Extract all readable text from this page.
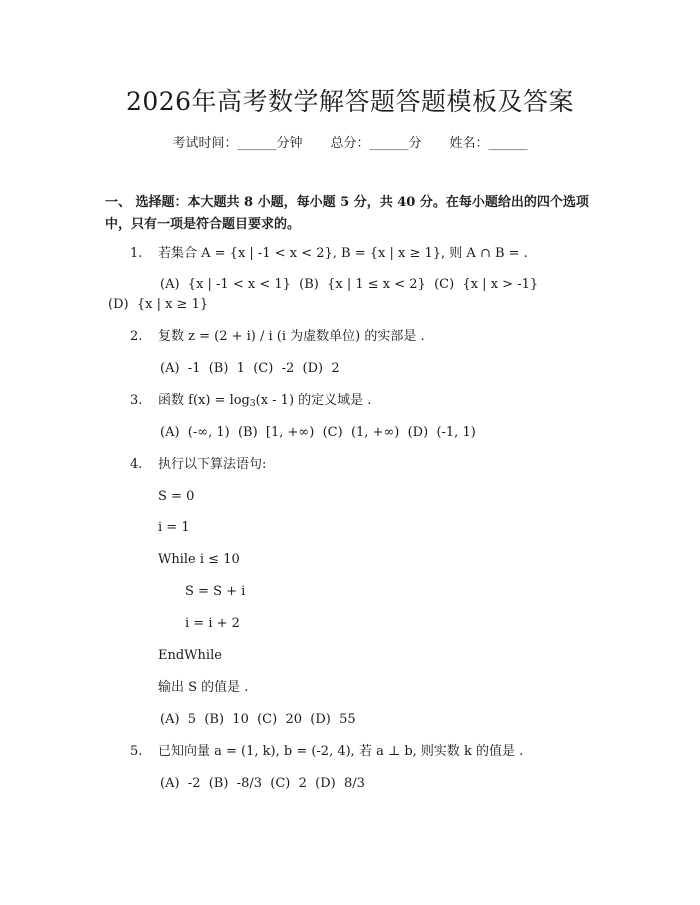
2026年高考数学解答题答题模板及答案
考试时间：______分钟 总分：______分 姓名：______
一、 选择题：本大题共 8 小题，每小题 5 分，共 40 分。在每小题给出的四个选项中，只有一项是符合题目要求的。
1. 若集合 A = {x | -1 < x < 2}, B = {x | x ≥ 1}, 则 A ∩ B = .
(A)  {x | -1 < x < 1}  (B)  {x | 1 ≤ x < 2}  (C)  {x | x > -1}
(D)  {x | x ≥ 1}
2. 复数 z = (2 + i) / i (i 为虚数单位) 的实部是 .
(A)  -1  (B)  1  (C)  -2  (D)  2
3. 函数 $f(x) = \log_3(x - 1)$ 的定义域是 .
(A)  (-∞, 1)  (B)  [1, +∞)  (C)  (1, +∞)  (D)  (-1, 1)
4. 执行以下算法语句:
S = 0
i = 1
While i ≤ 10
S = S + i
i = i + 2
EndWhile
输出 S 的值是 .
(A)  5  (B)  10  (C)  20  (D)  55
5. 已知向量 a = (1, k), b = (-2, 4), 若 a ⊥ b, 则实数 k 的值是 .
(A)  -2  (B)  -8/3  (C)  2  (D)  8/3
